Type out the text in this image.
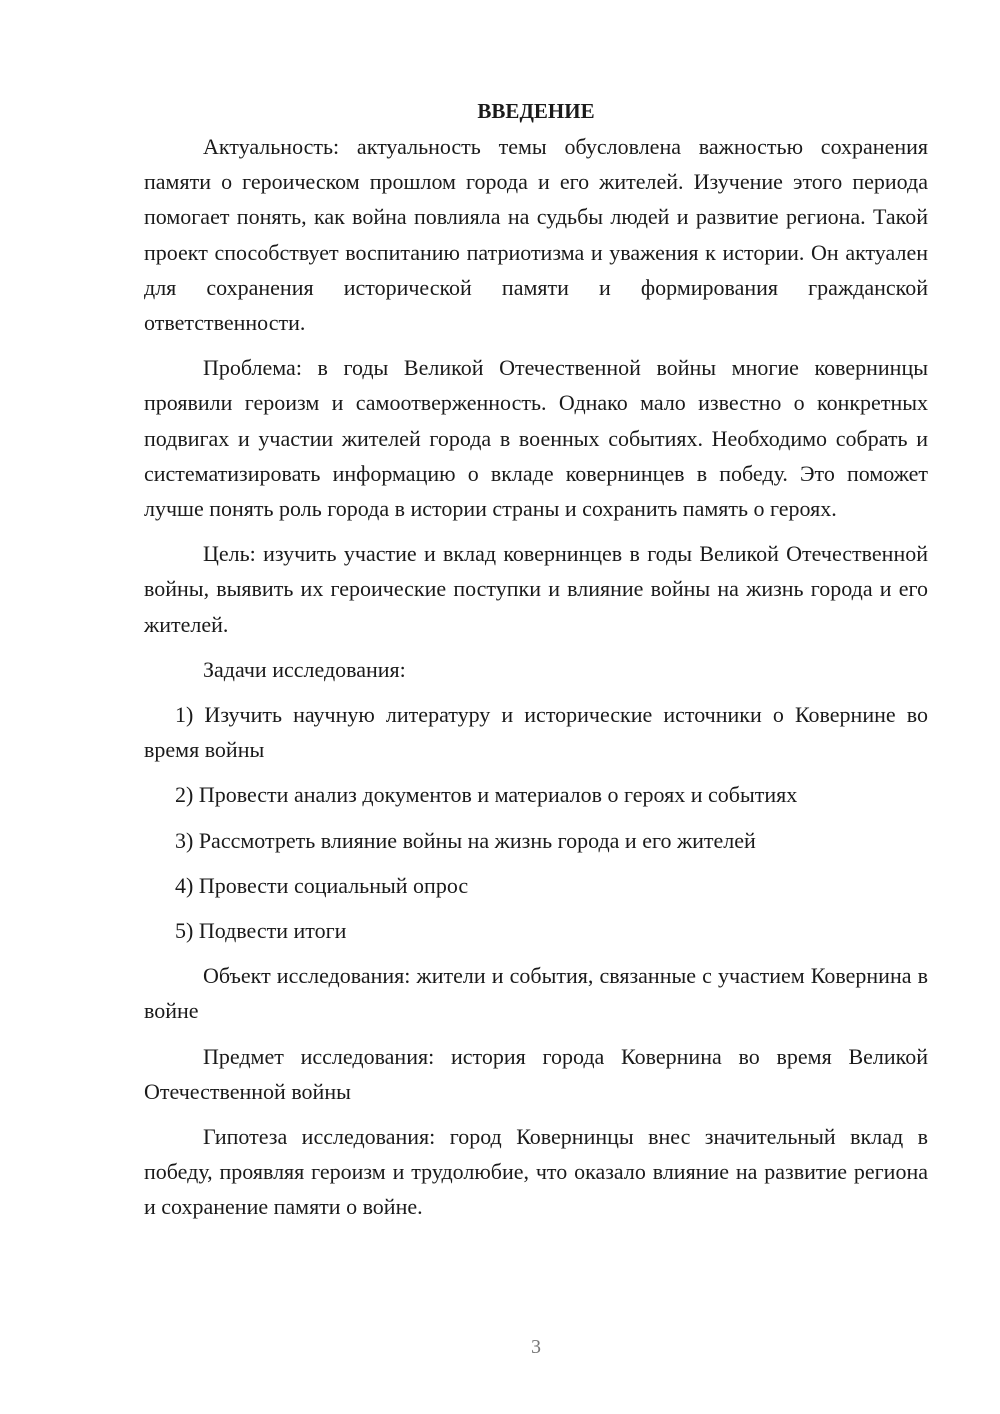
ВВЕДЕНИЕ

Актуальность: актуальность темы обусловлена важностью сохранения памяти о героическом прошлом города и его жителей. Изучение этого периода помогает понять, как война повлияла на судьбы людей и развитие региона. Такой проект способствует воспитанию патриотизма и уважения к истории. Он актуален для сохранения исторической памяти и формирования гражданской ответственности.

Проблема: в годы Великой Отечественной войны многие ковернинцы проявили героизм и самоотверженность. Однако мало известно о конкретных подвигах и участии жителей города в военных событиях. Необходимо собрать и систематизировать информацию о вкладе ковернинцев в победу. Это поможет лучше понять роль города в истории страны и сохранить память о героях.

Цель: изучить участие и вклад ковернинцев в годы Великой Отечественной войны, выявить их героические поступки и влияние войны на жизнь города и его жителей.

Задачи исследования:

1) Изучить научную литературу и исторические источники о Ковернине во время войны

2) Провести анализ документов и материалов о героях и событиях

3) Рассмотреть влияние войны на жизнь города и его жителей

4) Провести социальный опрос

5) Подвести итоги

Объект исследования: жители и события, связанные с участием Ковернина в войне

Предмет исследования: история города Ковернина во время Великой Отечественной войны

Гипотеза исследования: город Ковернинцы внес значительный вклад в победу, проявляя героизм и трудолюбие, что оказало влияние на развитие региона и сохранение памяти о войне.

3
